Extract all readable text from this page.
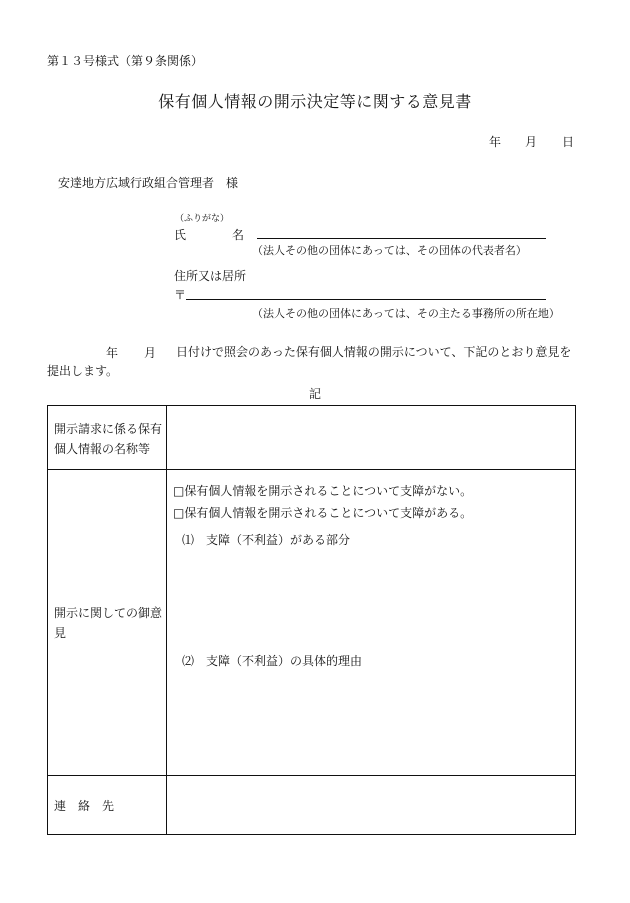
第１３号様式（第９条関係）
保有個人情報の開示決定等に関する意見書
年 月 日
安達地方広域行政組合管理者　様
（ふりがな）
氏	名
（法人その他の団体にあっては、その団体の代表者名）
住所又は居所
〒
（法人その他の団体にあっては、その主たる事務所の所在地）
年 月	日付けで照会のあった保有個人情報の開示について、下記のとおり意見を提出します。
記
開示請求に係る保有個人情報の名称等
開示に関しての御意見
連　絡　先
□保有個人情報を開示されることについて支障がない。
□保有個人情報を開示されることについて支障がある。
⑴　支障（不利益）がある部分
⑵　支障（不利益）の具体的理由
